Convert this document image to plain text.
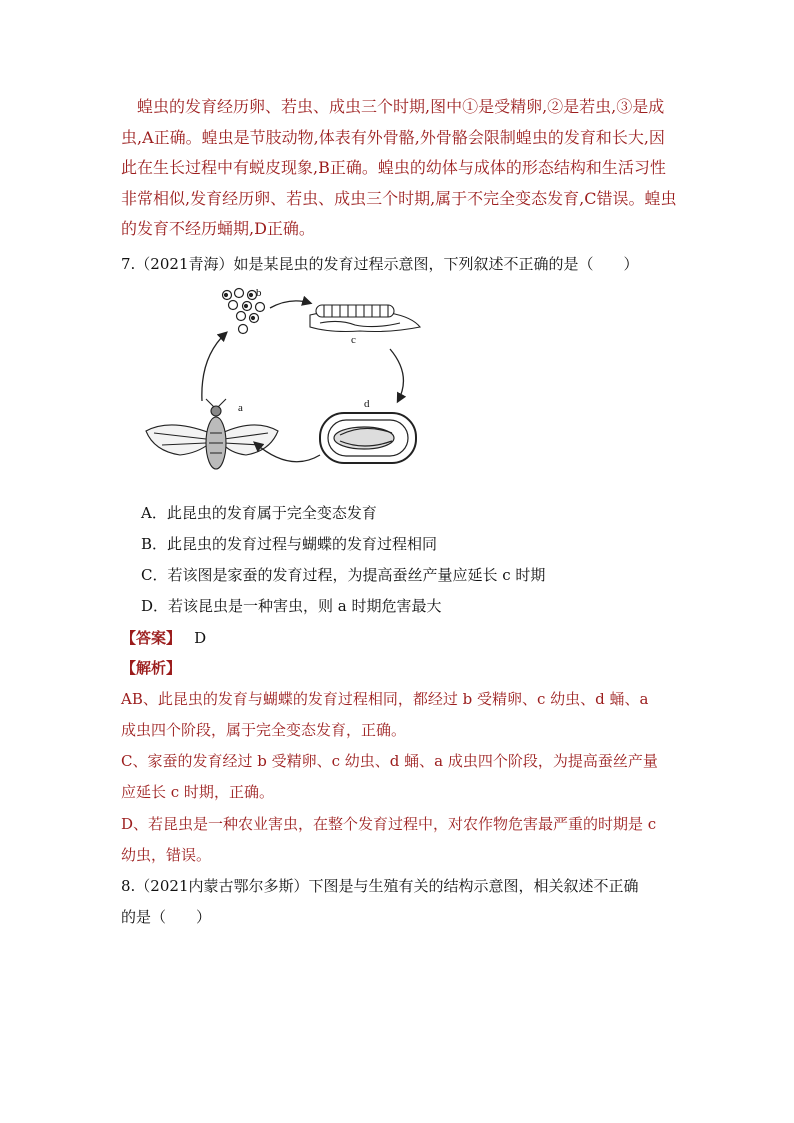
蝗虫的发育经历卵、若虫、成虫三个时期,图中①是受精卵,②是若虫,③是成虫,A正确。蝗虫是节肢动物,体表有外骨骼,外骨骼会限制蝗虫的发育和长大,因此在生长过程中有蜕皮现象,B正确。蝗虫的幼体与成体的形态结构和生活习性非常相似,发育经历卵、若虫、成虫三个时期,属于不完全变态发育,C错误。蝗虫的发育不经历蛹期,D正确。
7.（2021青海）如是某昆虫的发育过程示意图，下列叙述不正确的是（　　）
b
c
d
a
A．此昆虫的发育属于完全变态发育
B．此昆虫的发育过程与蝴蝶的发育过程相同
C．若该图是家蚕的发育过程，为提高蚕丝产量应延长 c 时期
D．若该昆虫是一种害虫，则 a 时期危害最大
【答案】 D
【解析】
AB、此昆虫的发育与蝴蝶的发育过程相同，都经过 b 受精卵、c 幼虫、d 蛹、a
成虫四个阶段，属于完全变态发育，正确。
C、家蚕的发育经过 b 受精卵、c 幼虫、d 蛹、a 成虫四个阶段，为提高蚕丝产量
应延长 c 时期，正确。
D、若昆虫是一种农业害虫，在整个发育过程中，对农作物危害最严重的时期是 c
幼虫，错误。
8.（2021内蒙古鄂尔多斯）下图是与生殖有关的结构示意图，相关叙述不正确
的是（　　）
